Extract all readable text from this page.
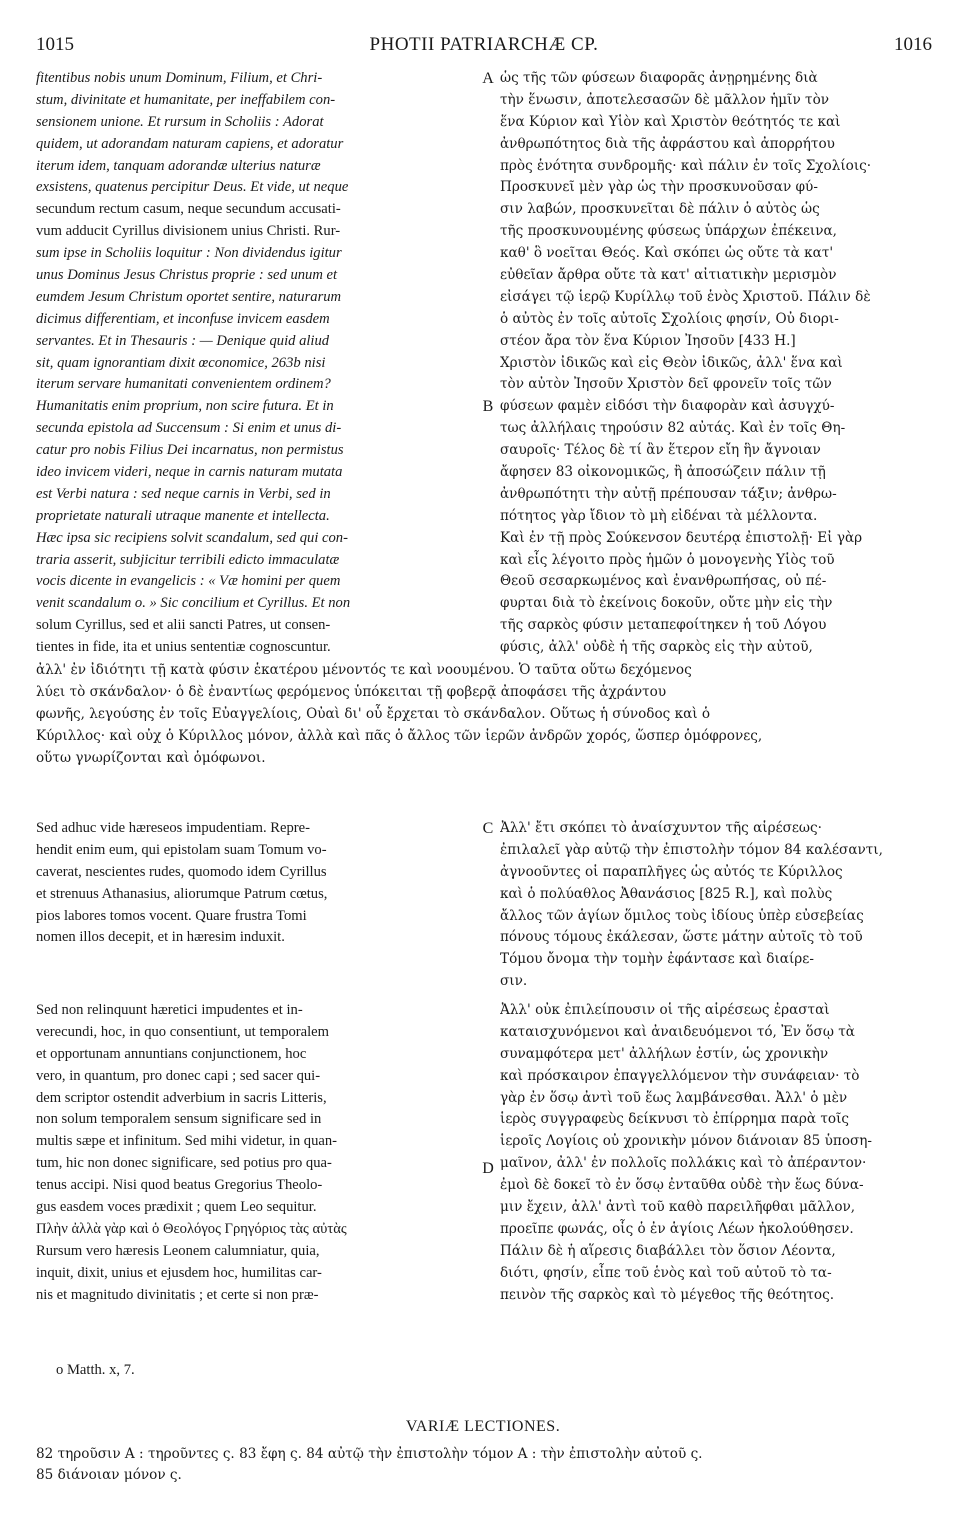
1015	PHOTII PATRIARCHÆ CP.	1016
fitentibus nobis unum Dominum, Filium, et Chri-
stum, divinitate et humanitate, per ineffabilem con-
sensionem unione. Et rursum in Scholiis : Adorat
quidem, ut adorandam naturam capiens, et adoratur
iterum idem, tanquam adorandæ ulterius naturæ
exsistens, quatenus percipitur Deus. Et vide, ut neque
secundum rectum casum, neque secundum accusati-
vum adducit Cyrillus divisionem unius Christi. Rur-
sum ipse in Scholiis loquitur : Non dividendus igitur
unus Dominus Jesus Christus proprie : sed unum et
eumdem Jesum Christum oportet sentire, naturarum
dicimus differentiam, et inconfuse invicem easdem
servantes. Et in Thesauris : — Denique quid aliud
sit, quam ignorantiam dixit œconomice, 263b nisi
iterum servare humanitati convenientem ordinem?
Humanitatis enim proprium, non scire futura. Et in
secunda epistola ad Succensum : Si enim et unus di-
catur pro nobis Filius Dei incarnatus, non permistus
ideo invicem videri, neque in carnis naturam mutata
est Verbi natura : sed neque carnis in Verbi, sed in
proprietate naturali utraque manente et intellecta.
Hæc ipsa sic recipiens solvit scandalum, sed qui con-
traria asserit, subjicitur terribili edicto immaculatæ
vocis dicente in evangelicis : « Væ homini per quem
venit scandalum o. » Sic concilium et Cyrillus. Et non
solum Cyrillus, sed et alii sancti Patres, ut consen-
tientes in fide, ita et unius sententiæ cognoscuntur.
ὡς τῆς τῶν φύσεων διαφορᾶς ἀνῃρημένης διὰ
τὴν ἕνωσιν, ἀποτελεσασῶν δὲ μᾶλλον ἡμῖν τὸν
ἕνα Κύριον καὶ Υἱὸν καὶ Χριστὸν θεότητός τε καὶ
ἀνθρωπότητος διὰ τῆς ἀφράστου καὶ ἀπορρήτου
πρὸς ἑνότητα συνδρομῆς· καὶ πάλιν ἐν τοῖς Σχολίοις·
Προσκυνεῖ μὲν γὰρ ὡς τὴν προσκυνοῦσαν φύ-
σιν λαβών, προσκυνεῖται δὲ πάλιν ὁ αὐτὸς ὡς
τῆς προσκυνουμένης φύσεως ὑπάρχων ἐπέκεινα,
καθ' ὃ νοεῖται Θεός. Καὶ σκόπει ὡς οὔτε τὰ κατ'
εὐθεῖαν ἄρθρα οὔτε τὰ κατ' αἰτιατικὴν μερισμὸν
εἰσάγει τῷ ἱερῷ Κυρίλλῳ τοῦ ἑνὸς Χριστοῦ. Πάλιν δὲ
ὁ αὐτὸς ἐν τοῖς αὐτοῖς Σχολίοις φησίν, Οὐ διορι-
στέον ἄρα τὸν ἕνα Κύριον Ἰησοῦν [433 H.]
Χριστὸν ἰδικῶς καὶ εἰς Θεὸν ἰδικῶς, ἀλλ' ἕνα καὶ
τὸν αὐτὸν Ἰησοῦν Χριστὸν δεῖ φρονεῖν τοῖς τῶν
φύσεων φαμὲν εἰδόσι τὴν διαφορὰν καὶ ἀσυγχύ-
τως ἀλλήλαις τηρούσιν 82 αὐτάς. Καὶ ἐν τοῖς Θη-
σαυροῖς· Τέλος δὲ τί ἂν ἕτερον εἴη ἣν ἄγνοιαν
ἄφησεν 83 οἰκονομικῶς, ἢ ἀποσώζειν πάλιν τῇ
ἀνθρωπότητι τὴν αὐτῇ πρέπουσαν τάξιν; ἀνθρω-
πότητος γὰρ ἴδιον τὸ μὴ εἰδέναι τὰ μέλλοντα.
Καὶ ἐν τῇ πρὸς Σούκενσον δευτέρᾳ ἐπιστολῇ· Εἰ γὰρ
καὶ εἷς λέγοιτο πρὸς ἡμῶν ὁ μονογενὴς Υἱὸς τοῦ
Θεοῦ σεσαρκωμένος καὶ ἐνανθρωπήσας, οὐ πέ-
φυρται διὰ τὸ ἐκείνοις δοκοῦν, οὔτε μὴν εἰς τὴν
τῆς σαρκὸς φύσιν μεταπεφοίτηκεν ἡ τοῦ Λόγου
φύσις, ἀλλ' οὐδὲ ἡ τῆς σαρκὸς εἰς τὴν αὐτοῦ,
A
B
C
D
ἀλλ' ἐν ἰδιότητι τῇ κατὰ φύσιν ἑκατέρου μένοντός τε καὶ νοουμένου. Ὁ ταῦτα οὕτω δεχόμενος
λύει τὸ σκάνδαλον· ὁ δὲ ἐναντίως φερόμενος ὑπόκειται τῇ φοβερᾷ ἀποφάσει τῆς ἀχράντου
φωνῆς, λεγούσης ἐν τοῖς Εὐαγγελίοις, Οὐαὶ δι' οὗ ἔρχεται τὸ σκάνδαλον. Οὕτως ἡ σύνοδος καὶ ὁ
Κύριλλος· καὶ οὐχ ὁ Κύριλλος μόνον, ἀλλὰ καὶ πᾶς ὁ ἄλλος τῶν ἱερῶν ἀνδρῶν χορός, ὥσπερ ὁμόφρονες,
οὕτω γνωρίζονται καὶ ὁμόφωνοι.
Sed adhuc vide hæreseos impudentiam. Repre-
hendit enim eum, qui epistolam suam Tomum vo-
caverat, nescientes rudes, quomodo idem Cyrillus
et strenuus Athanasius, aliorumque Patrum cœtus,
pios labores tomos vocent. Quare frustra Tomi
nomen illos decepit, et in hæresim induxit.
Ἀλλ' ἔτι σκόπει τὸ ἀναίσχυντον τῆς αἱρέσεως·
ἐπιλαλεῖ γὰρ αὐτῷ τὴν ἐπιστολὴν τόμον 84 καλέσαντι,
ἀγνοοῦντες οἱ παραπλῆγες ὡς αὐτός τε Κύριλλος
καὶ ὁ πολύαθλος Ἀθανάσιος [825 R.], καὶ πολὺς
ἄλλος τῶν ἁγίων ὅμιλος τοὺς ἰδίους ὑπὲρ εὐσεβείας
πόνους τόμους ἐκάλεσαν, ὥστε μάτην αὐτοῖς τὸ τοῦ
Τόμου ὄνομα τὴν τομὴν ἐφάντασε καὶ διαίρε-
σιν.
Sed non relinquunt hæretici impudentes et in-
verecundi, hoc, in quo consentiunt, ut temporalem
et opportunam annuntians conjunctionem, hoc
vero, in quantum, pro donec capi ; sed sacer qui-
dem scriptor ostendit adverbium in sacris Litteris,
non solum temporalem sensum significare sed in
multis sæpe et infinitum. Sed mihi videtur, in quan-
tum, hic non donec significare, sed potius pro qua-
tenus accipi. Nisi quod beatus Gregorius Theolo-
gus easdem voces prædixit ; quem Leo sequitur.
Πλὴν ἀλλὰ γὰρ καὶ ὁ Θεολόγος Γρηγόριος τὰς αὐτὰς
Rursum vero hæresis Leonem calumniatur, quia,
inquit, dixit, unius et ejusdem hoc, humilitas car-
nis et magnitudo divinitatis ; et certe si non præ-
Ἀλλ' οὐκ ἐπιλείπουσιν οἱ τῆς αἱρέσεως ἐρασταὶ
καταισχυνόμενοι καὶ ἀναιδευόμενοι τό, Ἐν ὅσῳ τὰ
συναμφότερα μετ' ἀλλήλων ἐστίν, ὡς χρονικὴν
καὶ πρόσκαιρον ἐπαγγελλόμενον τὴν συνάφειαν· τὸ
γὰρ ἐν ὅσῳ ἀντὶ τοῦ ἕως λαμβάνεσθαι. Ἀλλ' ὁ μὲν
ἱερὸς συγγραφεὺς δείκνυσι τὸ ἐπίρρημα παρὰ τοῖς
ἱεροῖς Λογίοις οὐ χρονικὴν μόνον διάνοιαν 85 ὑποση-
μαῖνον, ἀλλ' ἐν πολλοῖς πολλάκις καὶ τὸ ἀπέραντον·
ἐμοὶ δὲ δοκεῖ τὸ ἐν ὅσῳ ἐνταῦθα οὐδὲ τὴν ἕως δύνα-
μιν ἔχειν, ἀλλ' ἀντὶ τοῦ καθὸ παρειλῆφθαι μᾶλλον,
προεῖπε φωνάς, οἷς ὁ ἐν ἁγίοις Λέων ἠκολούθησεν.
Πάλιν δὲ ἡ αἵρεσις διαβάλλει τὸν ὅσιον Λέοντα,
διότι, φησίν, εἶπε τοῦ ἑνὸς καὶ τοῦ αὐτοῦ τὸ τα-
πεινὸν τῆς σαρκὸς καὶ τὸ μέγεθος τῆς θεότητος.
o Matth. x, 7.
VARIÆ LECTIONES.
82 τηροῦσιν A : τηροῦντες ς. 83 ἔφη ς. 84 αὐτῷ τὴν ἐπιστολὴν τόμον A : τὴν ἐπιστολὴν αὐτοῦ ς.
85 διάνοιαν μόνον ς.
